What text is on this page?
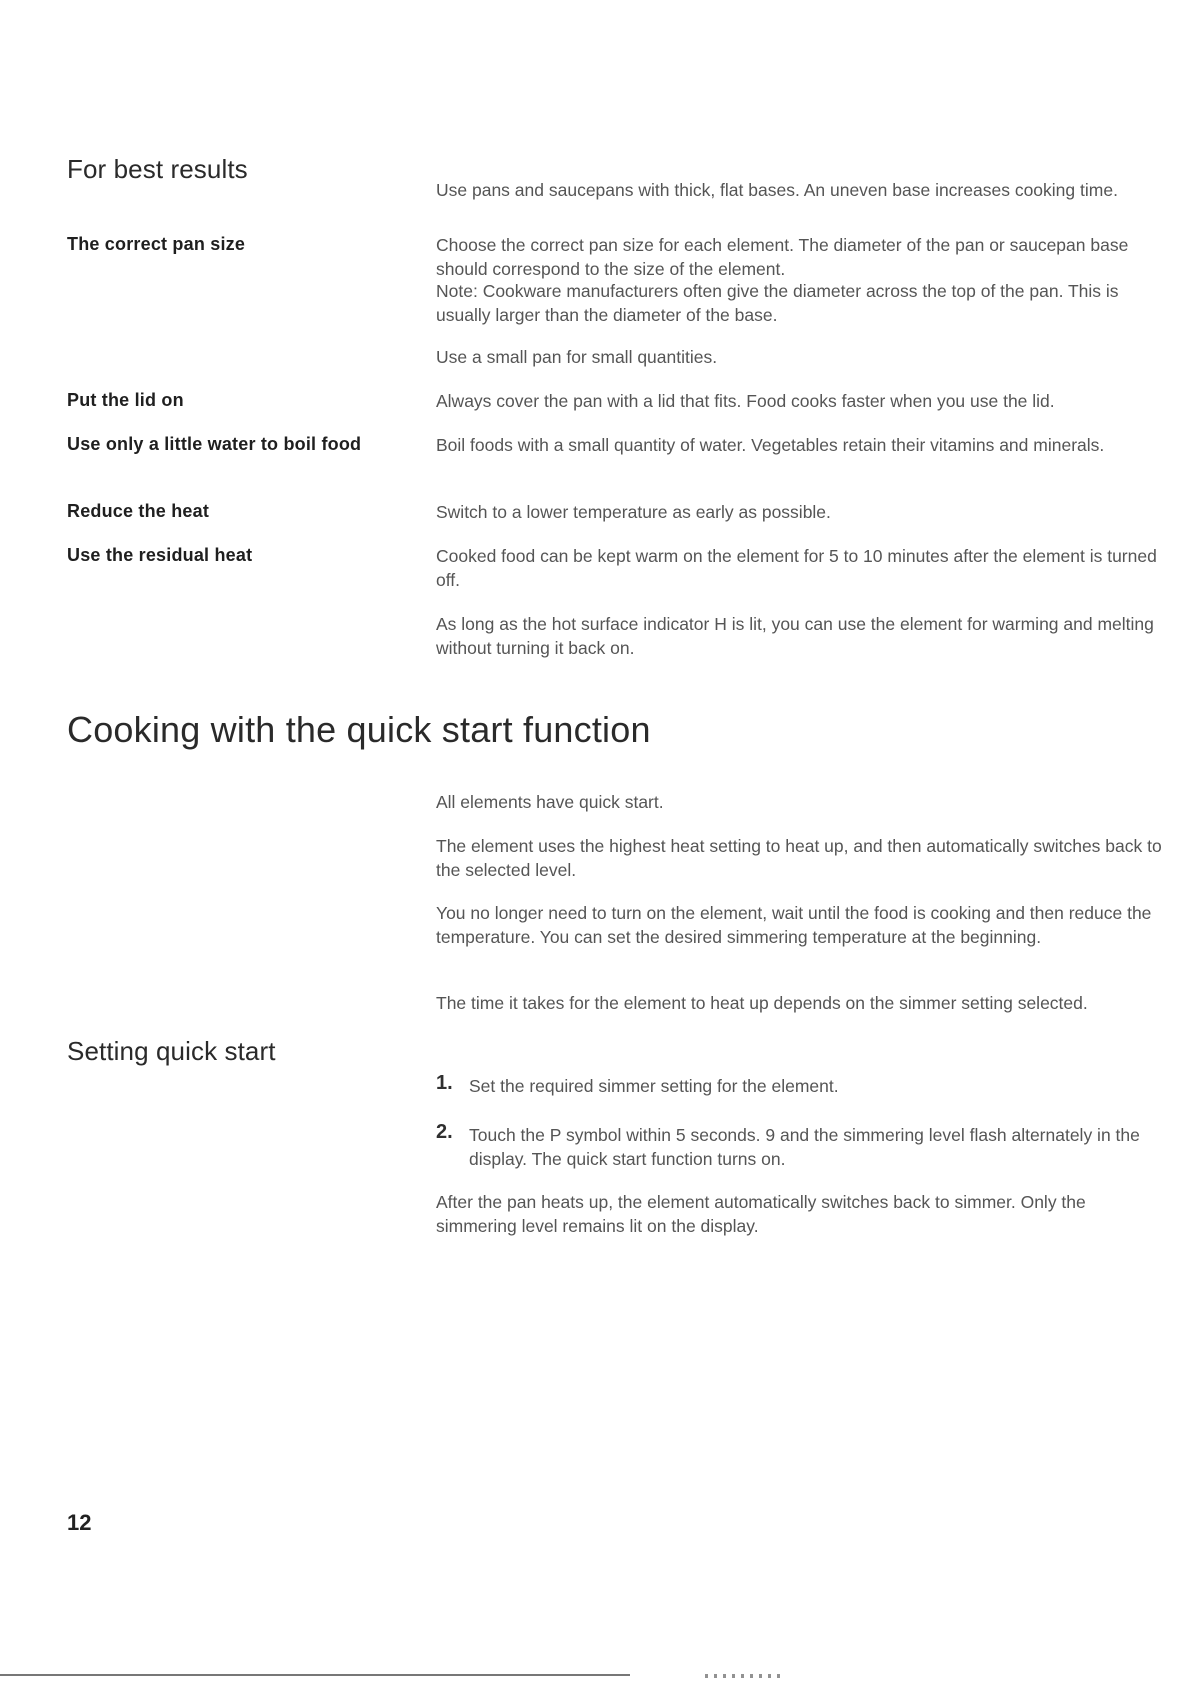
For best results
Use pans and saucepans with thick, flat bases. An uneven base increases cooking time.
The correct pan size	Choose the correct pan size for each element. The diameter of the pan or saucepan base should correspond to the size of the element.
Note: Cookware manufacturers often give the diameter across the top of the pan. This is usually larger than the diameter of the base.
Use a small pan for small quantities.
Put the lid on	Always cover the pan with a lid that fits. Food cooks faster when you use the lid.
Use only a little water to boil food	Boil foods with a small quantity of water. Vegetables retain their vitamins and minerals.
Reduce the heat	Switch to a lower temperature as early as possible.
Use the residual heat	Cooked food can be kept warm on the element for 5 to 10 minutes after the element is turned off.
As long as the hot surface indicator H is lit, you can use the element for warming and melting without turning it back on.
Cooking with the quick start function
All elements have quick start.
The element uses the highest heat setting to heat up, and then automatically switches back to the selected level.
You no longer need to turn on the element, wait until the food is cooking and then reduce the temperature. You can set the desired simmering temperature at the beginning.
The time it takes for the element to heat up depends on the simmer setting selected.
Setting quick start
1. Set the required simmer setting for the element.
2. Touch the P symbol within 5 seconds. 9 and the simmering level flash alternately in the display. The quick start function turns on.
After the pan heats up, the element automatically switches back to simmer. Only the simmering level remains lit on the display.
12
